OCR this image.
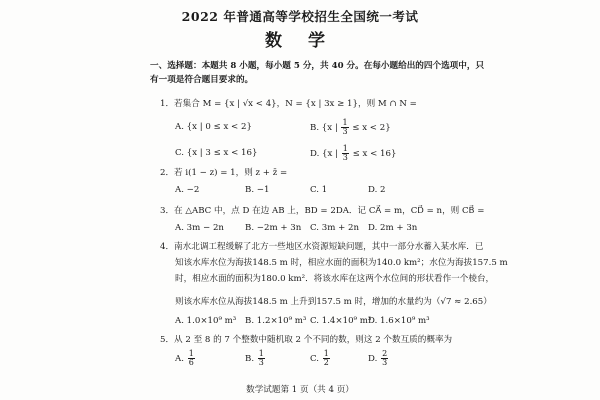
2022 年普通高等学校招生全国统一考试
数 学
一、选择题：本题共 8 小题，每小题 5 分，共 40 分。在每小题给出的四个选项中，只
有一项是符合题目要求的。
1．若集合 M = {x | √x < 4}，N = {x | 3x ≥ 1}，则 M ∩ N =
A. {x | 0 ≤ x < 2}	B. {x | $\frac{1}{3} \le x < 2$}
C. {x | 3 ≤ x < 16}	D. {x | $\frac{1}{3} \le x < 16$}
2．若 i(1 − z) = 1，则 z + z̄ =
A. −2	B. −1	C. 1	D. 2
3．在 △ABC 中，点 D 在边 AB 上，BD = 2DA．记 CA⃗ = m，CD⃗ = n，则 CB⃗ =
A. 3m − 2n B. −2m + 3n C. 3m + 2n D. 2m + 3n
4．南水北调工程缓解了北方一些地区水资源短缺问题，其中一部分水蓄入某水库．已
知该水库水位为海拔148.5 m 时，相应水面的面积为140.0 km²；水位为海拔157.5 m
时，相应水面的面积为180.0 km²．将该水库在这两个水位间的形状看作一个棱台，
则该水库水位从海拔148.5 m 上升到157.5 m 时，增加的水量约为（√7 ≈ 2.65）
A. 1.0×10⁹ m³ B. 1.2×10⁹ m³ C. 1.4×10⁹ m³
D. 1.6×10⁹ m³
5．从 2 至 8 的 7 个整数中随机取 2 个不同的数，则这 2 个数互质的概率为
A. $\frac{1}{6}$	B. $\frac{1}{3}$	C. $\frac{1}{2}$	D. $\frac{2}{3}$
数学试题第 1 页（共 4 页）
